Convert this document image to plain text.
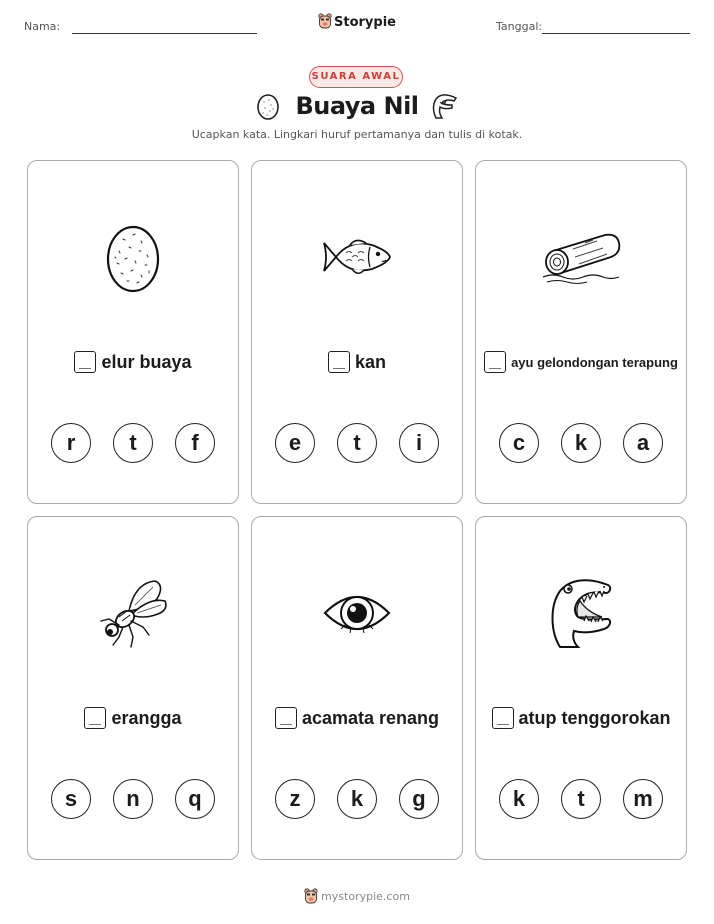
Nama:	Storypie	Tanggal:
SUARA AWAL
Buaya Nil
Ucapkan kata. Lingkari huruf pertamanya dan tulis di kotak.
elur buaya
r	t	f
kan
e	t	i
ayu gelondongan terapung
c	k	a
erangga
s	n	q
acamata renang
z	k	g
atup tenggorokan
k	t	m
mystorypie.com
